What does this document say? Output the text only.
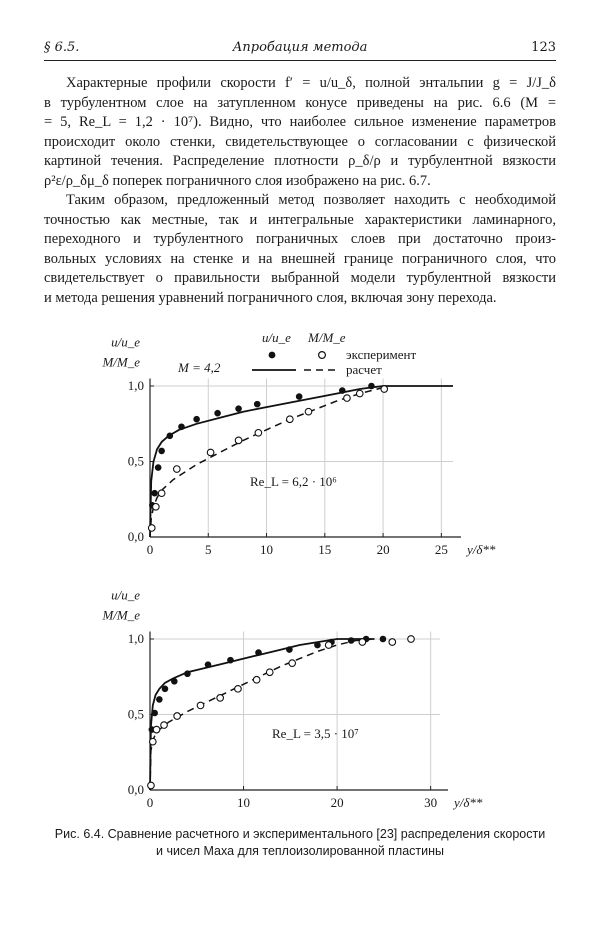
§ 6.5.	Апробация метода	123
Характерные профили скорости f′ = u/u_δ, полной энтальпии g = J/J_δ
в турбулентном слое на затупленном конусе приведены на рис. 6.6 (M =
= 5, Re_L = 1,2 · 10⁷). Видно, что наиболее сильное изменение параметров
происходит около стенки, свидетельствующее о согласовании с физической
картиной течения. Распределение плотности ρ_δ/ρ и турбулентной вязкости
ρ²ε/ρ_δμ_δ поперек пограничного слоя изображено на рис. 6.7.
Таким образом, предложенный метод позволяет находить с необходимой
точностью как местные, так и интегральные характеристики ламинарного,
переходного и турбулентного пограничных слоев при достаточно произ-
вольных условиях на стенке и на внешней границе пограничного слоя, что
свидетельствует о правильности выбранной модели турбулентной вязкости
и метода решения уравнений пограничного слоя, включая зону перехода.
0	5	10	15	20	25
0,0
0,5
1,0
u/u_e
M/M_e
y/δ**
M = 4,2
Re_L = 6,2 · 10⁶
u/u_e M/M_e
эксперимент
расчет
0	10	20	30
0,0
0,5
1,0
u/u_e
M/M_e
y/δ**
Re_L = 3,5 · 10⁷
Рис. 6.4. Сравнение расчетного и экспериментального [23] распределения скорости
и чисел Маха для теплоизолированной пластины
